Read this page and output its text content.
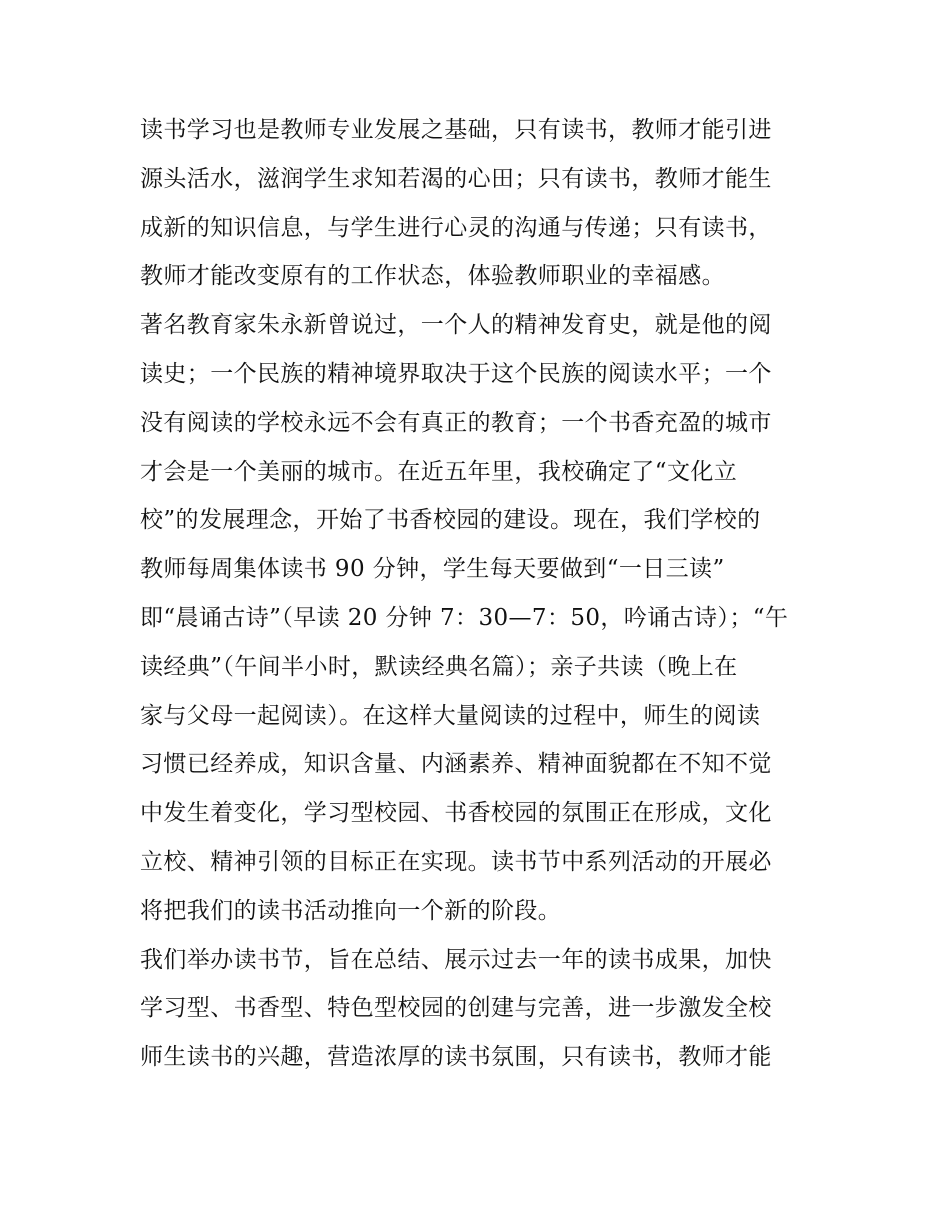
读书学习也是教师专业发展之基础，只有读书，教师才能引进
源头活水，滋润学生求知若渴的心田；只有读书，教师才能生
成新的知识信息，与学生进行心灵的沟通与传递；只有读书，
教师才能改变原有的工作状态，体验教师职业的幸福感。
著名教育家朱永新曾说过，一个人的精神发育史，就是他的阅
读史；一个民族的精神境界取决于这个民族的阅读水平；一个
没有阅读的学校永远不会有真正的教育；一个书香充盈的城市
才会是一个美丽的城市。在近五年里，我校确定了“文化立
校”的发展理念，开始了书香校园的建设。现在，我们学校的
教师每周集体读书 90 分钟，学生每天要做到“一日三读”
即“晨诵古诗”（早读 20 分钟 7：30—7：50，吟诵古诗）；“午
读经典”（午间半小时，默读经典名篇）；亲子共读（晚上在
家与父母一起阅读）。在这样大量阅读的过程中，师生的阅读
习惯已经养成，知识含量、内涵素养、精神面貌都在不知不觉
中发生着变化，学习型校园、书香校园的氛围正在形成，文化
立校、精神引领的目标正在实现。读书节中系列活动的开展必
将把我们的读书活动推向一个新的阶段。
我们举办读书节，旨在总结、展示过去一年的读书成果，加快
学习型、书香型、特色型校园的创建与完善，进一步激发全校
师生读书的兴趣，营造浓厚的读书氛围，只有读书，教师才能
